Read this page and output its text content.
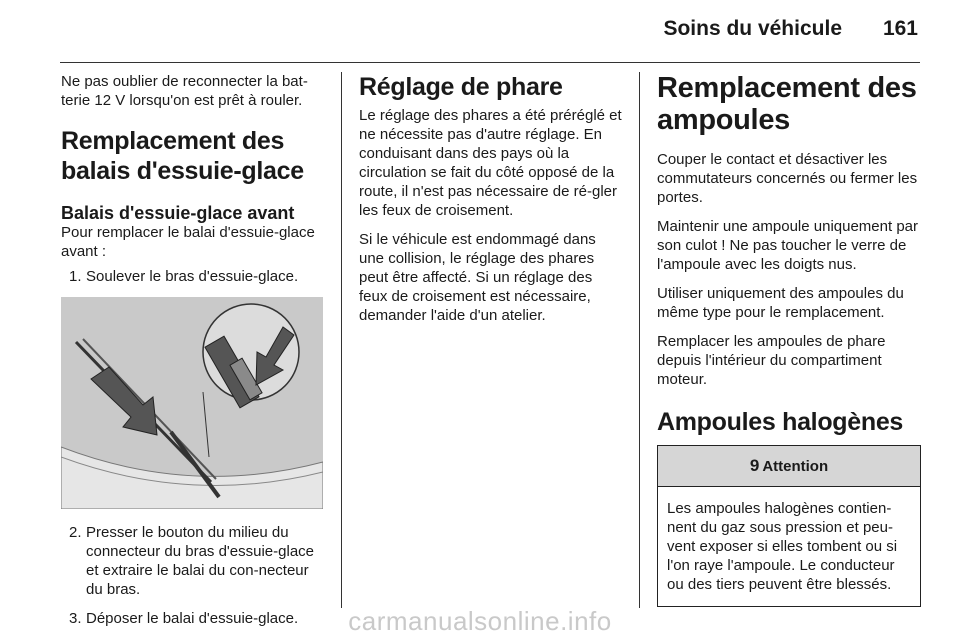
Soins du véhicule 161

Ne pas oublier de reconnecter la bat-terie 12 V lorsqu'on est prêt à rouler.

Remplacement des balais d'essuie-glace
Balais d'essuie-glace avant

Pour remplacer le balai d'essuie-glace avant :

1. Soulever le bras d'essuie-glace.
2. Presser le bouton du milieu du connecteur du bras d'essuie-glace et extraire le balai du con-necteur du bras.
3. Déposer le balai d'essuie-glace.
Réglage de phare

Le réglage des phares a été préréglé et ne nécessite pas d'autre réglage. En conduisant dans des pays où la circulation se fait du côté opposé de la route, il n'est pas nécessaire de ré-gler les feux de croisement.

Si le véhicule est endommagé dans une collision, le réglage des phares peut être affecté. Si un réglage des feux de croisement est nécessaire, demander l'aide d'un atelier.

Remplacement des ampoules

Couper le contact et désactiver les commutateurs concernés ou fermer les portes.

Maintenir une ampoule uniquement par son culot ! Ne pas toucher le verre de l'ampoule avec les doigts nus.

Utiliser uniquement des ampoules du même type pour le remplacement.

Remplacer les ampoules de phare depuis l'intérieur du compartiment moteur.

Ampoules halogènes
9 Attention
Les ampoules halogènes contien-nent du gaz sous pression et peu-vent exposer si elles tombent ou si l'on raye l'ampoule. Le conducteur ou des tiers peuvent être blessés.
carmanualsonline.info
